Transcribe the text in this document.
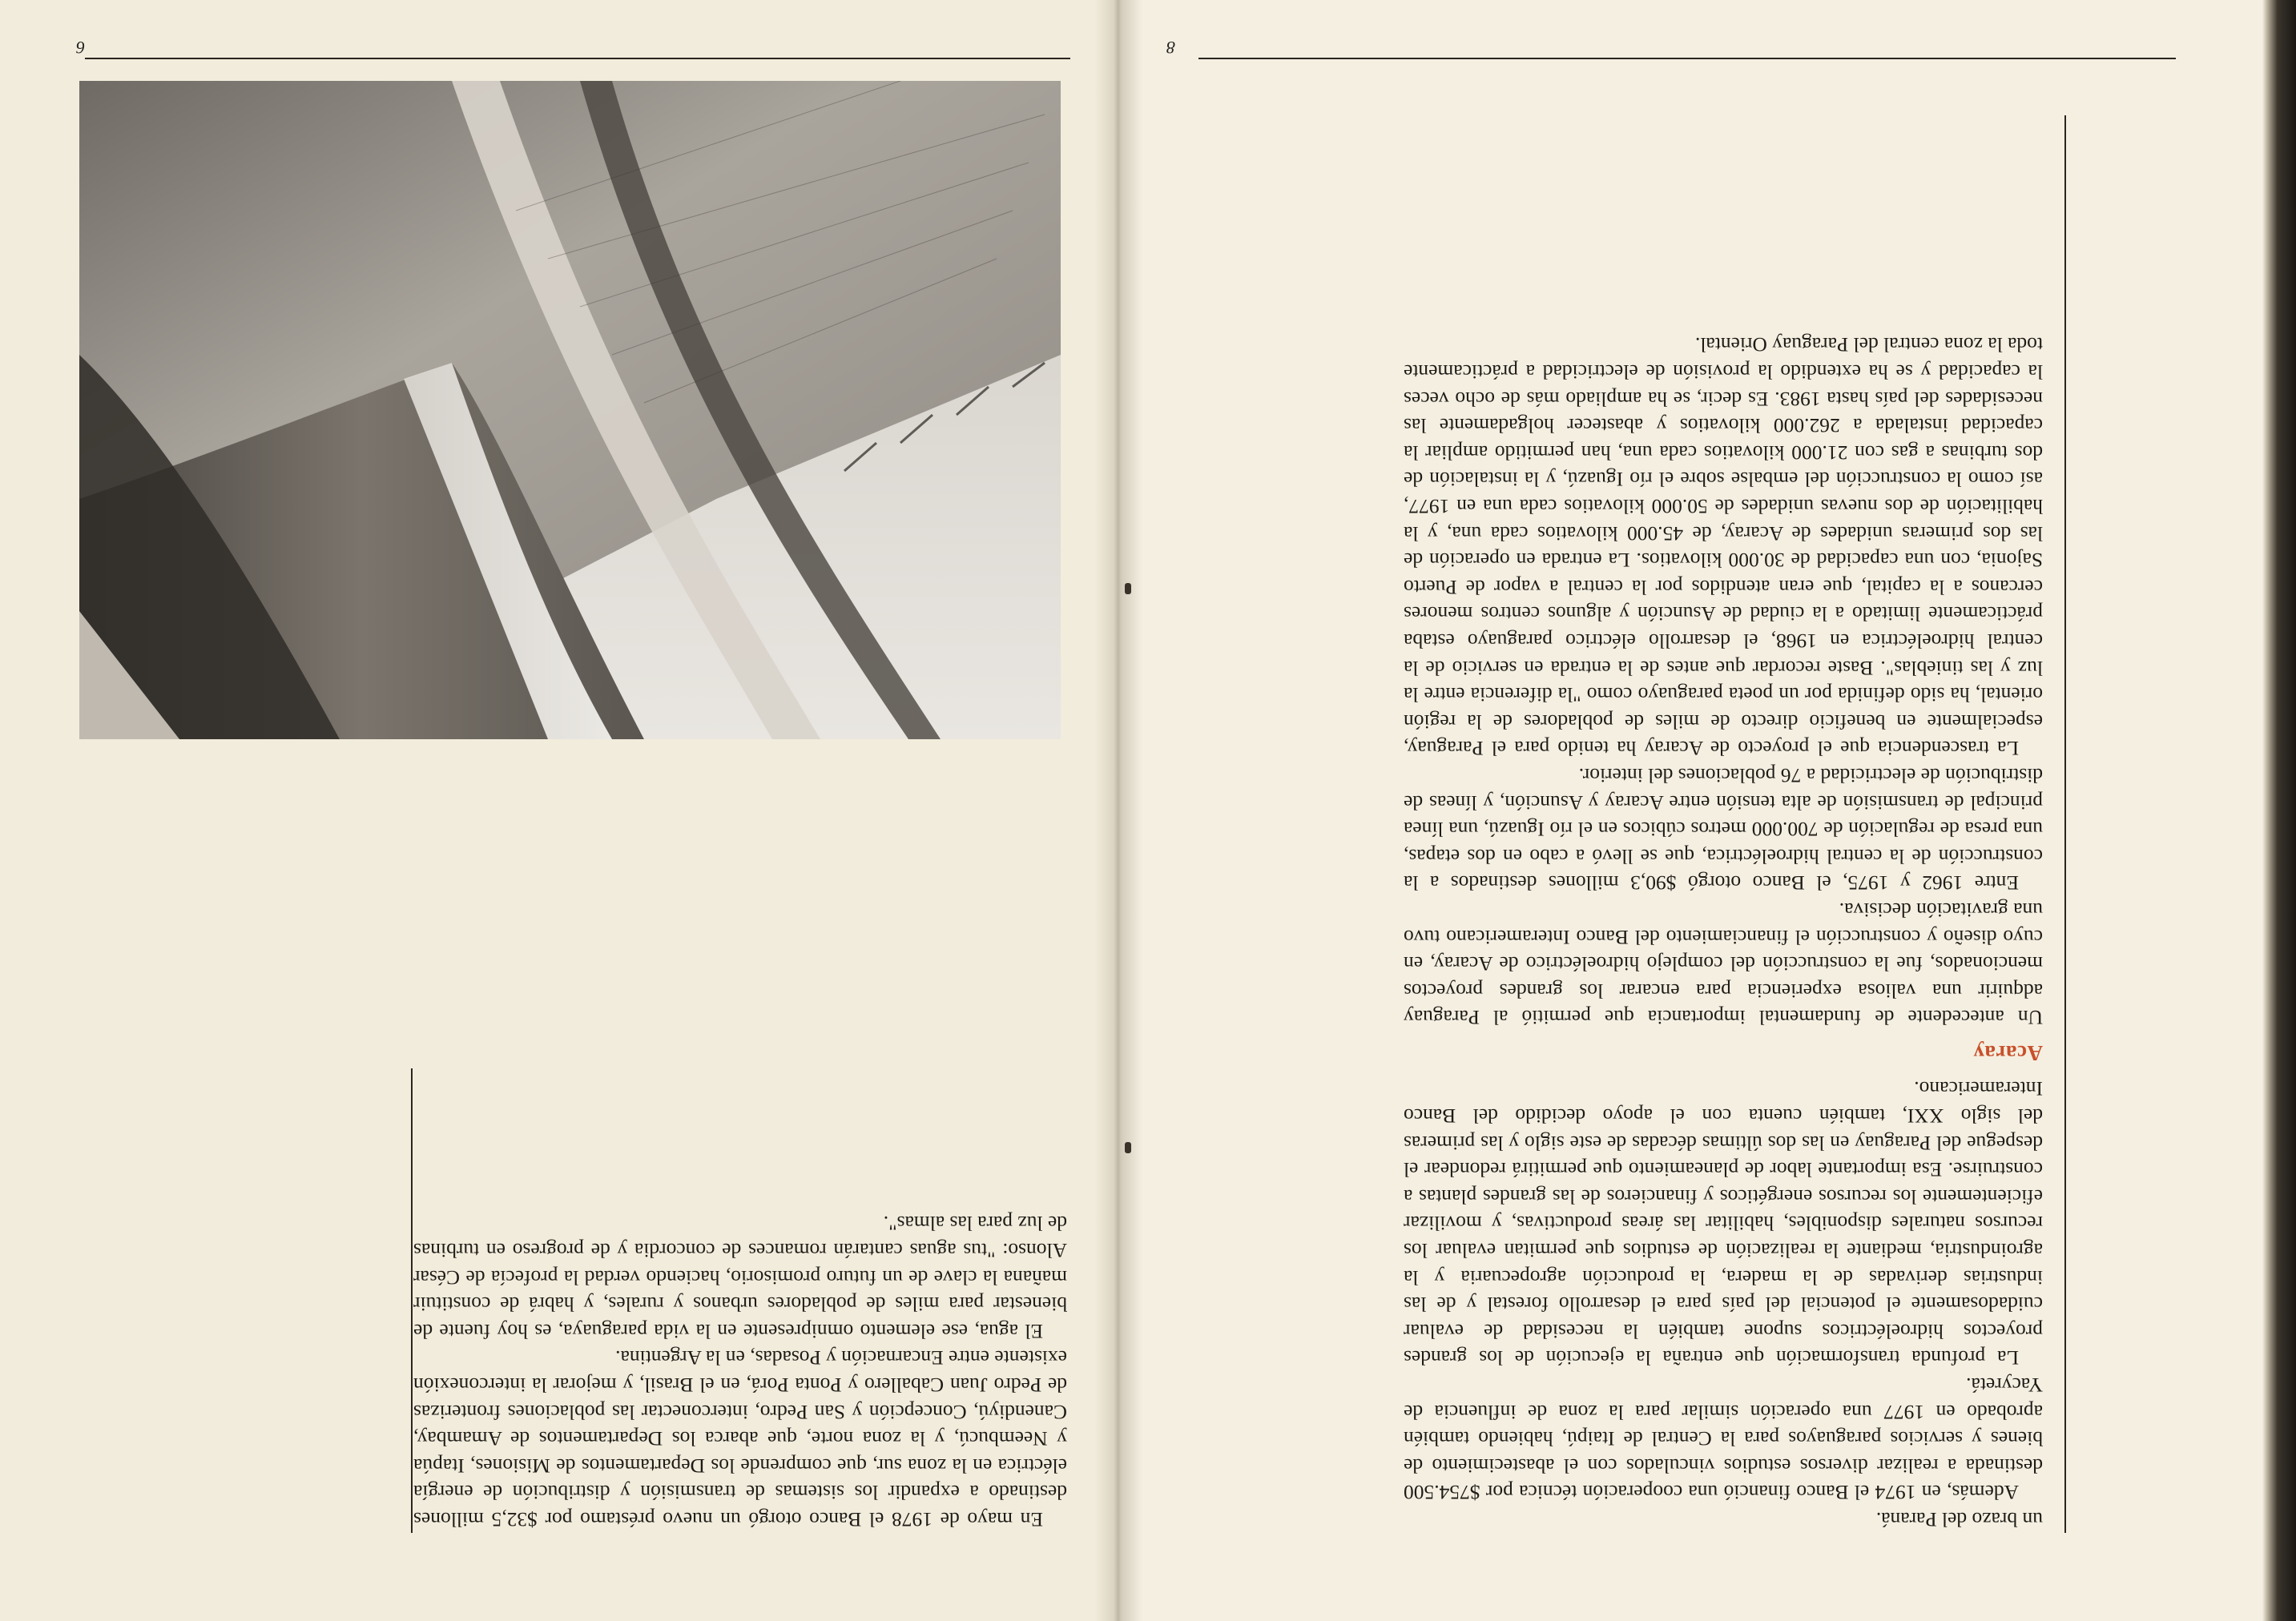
un brazo del Paraná.

Además, en 1974 el Banco financió una cooperación técnica por $754.500 destinada a realizar diversos estudios vinculados con el abastecimiento de bienes y servicios paraguayos para la Central de Itaipú, habiendo también aprobado en 1977 una operación similar para la zona de influencia de Yacyretá.

La profunda transformación que entraña la ejecución de los grandes proyectos hidroeléctricos supone también la necesidad de evaluar cuidadosamente el potencial del país para el desarrollo forestal y de las industrias derivadas de la madera, la producción agropecuaria y la agroindustria, mediante la realización de estudios que permitan evaluar los recursos naturales disponibles, habilitar las áreas productivas, y movilizar eficientemente los recursos energéticos y financieros de las grandes plantas a construirse. Esa importante labor de planeamiento que permitirá redondear el despegue del Paraguay en las dos últimas décadas de este siglo y las primeras del siglo XXI, también cuenta con el apoyo decidido del Banco Interamericano.

Acaray

Un antecedente de fundamental importancia que permitió al Paraguay adquirir una valiosa experiencia para encarar los grandes proyectos mencionados, fue la construcción del complejo hidroeléctrico de Acaray, en cuyo diseño y construcción el financiamiento del Banco Interamericano tuvo una gravitación decisiva.

Entre 1962 y 1975, el Banco otorgó $90,3 millones destinados a la construcción de la central hidroeléctrica, que se llevó a cabo en dos etapas, una presa de regulación de 700.000 metros cúbicos en el río Iguazú, una línea principal de transmisión de alta tensión entre Acaray y Asunción, y líneas de distribución de electricidad a 76 poblaciones del interior.

La trascendencia que el proyecto de Acaray ha tenido para el Paraguay, especialmente en beneficio directo de miles de pobladores de la región oriental, ha sido definida por un poeta paraguayo como "la diferencia entre la luz y las tinieblas". Baste recordar que antes de la entrada en servicio de la central hidroeléctrica en 1968, el desarrollo eléctrico paraguayo estaba prácticamente limitado a la ciudad de Asunción y algunos centros menores cercanos a la capital, que eran atendidos por la central a vapor de Puerto Sajonia, con una capacidad de 30.000 kilovatios. La entrada en operación de las dos primeras unidades de Acaray, de 45.000 kilovatios cada una, y la habilitación de dos nuevas unidades de 50.000 kilovatios cada una en 1977, así como la construcción del embalse sobre el río Iguazú, y la instalación de dos turbinas a gas con 21.000 kilovatios cada una, han permitido ampliar la capacidad instalada a 262.000 kilovatios y abastecer holgadamente las necesidades del país hasta 1983. Es decir, se ha ampliado más de ocho veces la capacidad y se ha extendido la provisión de electricidad a prácticamente toda la zona central del Paraguay Oriental.

8

En mayo de 1978 el Banco otorgó un nuevo préstamo por $32,5 millones destinado a expandir los sistemas de transmisión y distribución de energía eléctrica en la zona sur, que comprende los Departamentos de Misiones, Itapúa y Neembucú, y la zona norte, que abarca los Departamentos de Amambay, Canendiyú, Concepción y San Pedro, interconectar las poblaciones fronterizas de Pedro Juan Caballero y Ponta Porá, en el Brasil, y mejorar la interconexión existente entre Encarnación y Posadas, en la Argentina.

El agua, ese elemento omnipresente en la vida paraguaya, es hoy fuente de bienestar para miles de pobladores urbanos y rurales, y habrá de constituir mañana la clave de un futuro promisorio, haciendo verdad la profecía de César Alonso: "tus aguas cantarán romances de concordia y de progreso en turbinas de luz para las almas".

6
